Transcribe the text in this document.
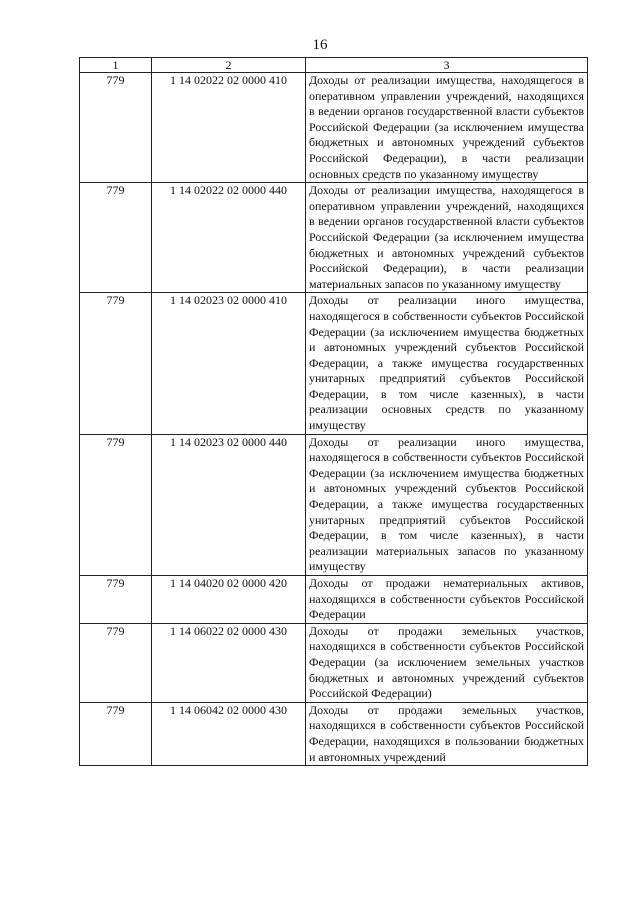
16
1	2	3
779	1 14 02022 02 0000 410	Доходы от реализации имущества, находящегося в оперативном управлении учреждений, находящихся в ведении органов государственной власти субъектов Российской Федерации (за исключением имущества бюджетных и автономных учреждений субъектов Российской Федерации), в части реализации основных средств по указанному имуществу
779	1 14 02022 02 0000 440	Доходы от реализации имущества, находящегося в оперативном управлении учреждений, находящихся в ведении органов государственной власти субъектов Российской Федерации (за исключением имущества бюджетных и автономных учреждений субъектов Российской Федерации), в части реализации материальных запасов по указанному имуществу
779	1 14 02023 02 0000 410	Доходы от реализации иного имущества, находящегося в собственности субъектов Российской Федерации (за исключением имущества бюджетных и автономных учреждений субъектов Российской Федерации, а также имущества государственных унитарных предприятий субъектов Российской Федерации, в том числе казенных), в части реализации основных средств по указанному имуществу
779	1 14 02023 02 0000 440	Доходы от реализации иного имущества, находящегося в собственности субъектов Российской Федерации (за исключением имущества бюджетных и автономных учреждений субъектов Российской Федерации, а также имущества государственных унитарных предприятий субъектов Российской Федерации, в том числе казенных), в части реализации материальных запасов по указанному имуществу
779	1 14 04020 02 0000 420	Доходы от продажи нематериальных активов, находящихся в собственности субъектов Российской Федерации
779	1 14 06022 02 0000 430	Доходы от продажи земельных участков, находящихся в собственности субъектов Российской Федерации (за исключением земельных участков бюджетных и автономных учреждений субъектов Российской Федерации)
779	1 14 06042 02 0000 430	Доходы от продажи земельных участков, находящихся в собственности субъектов Российской Федерации, находящихся в пользовании бюджетных и автономных учреждений
